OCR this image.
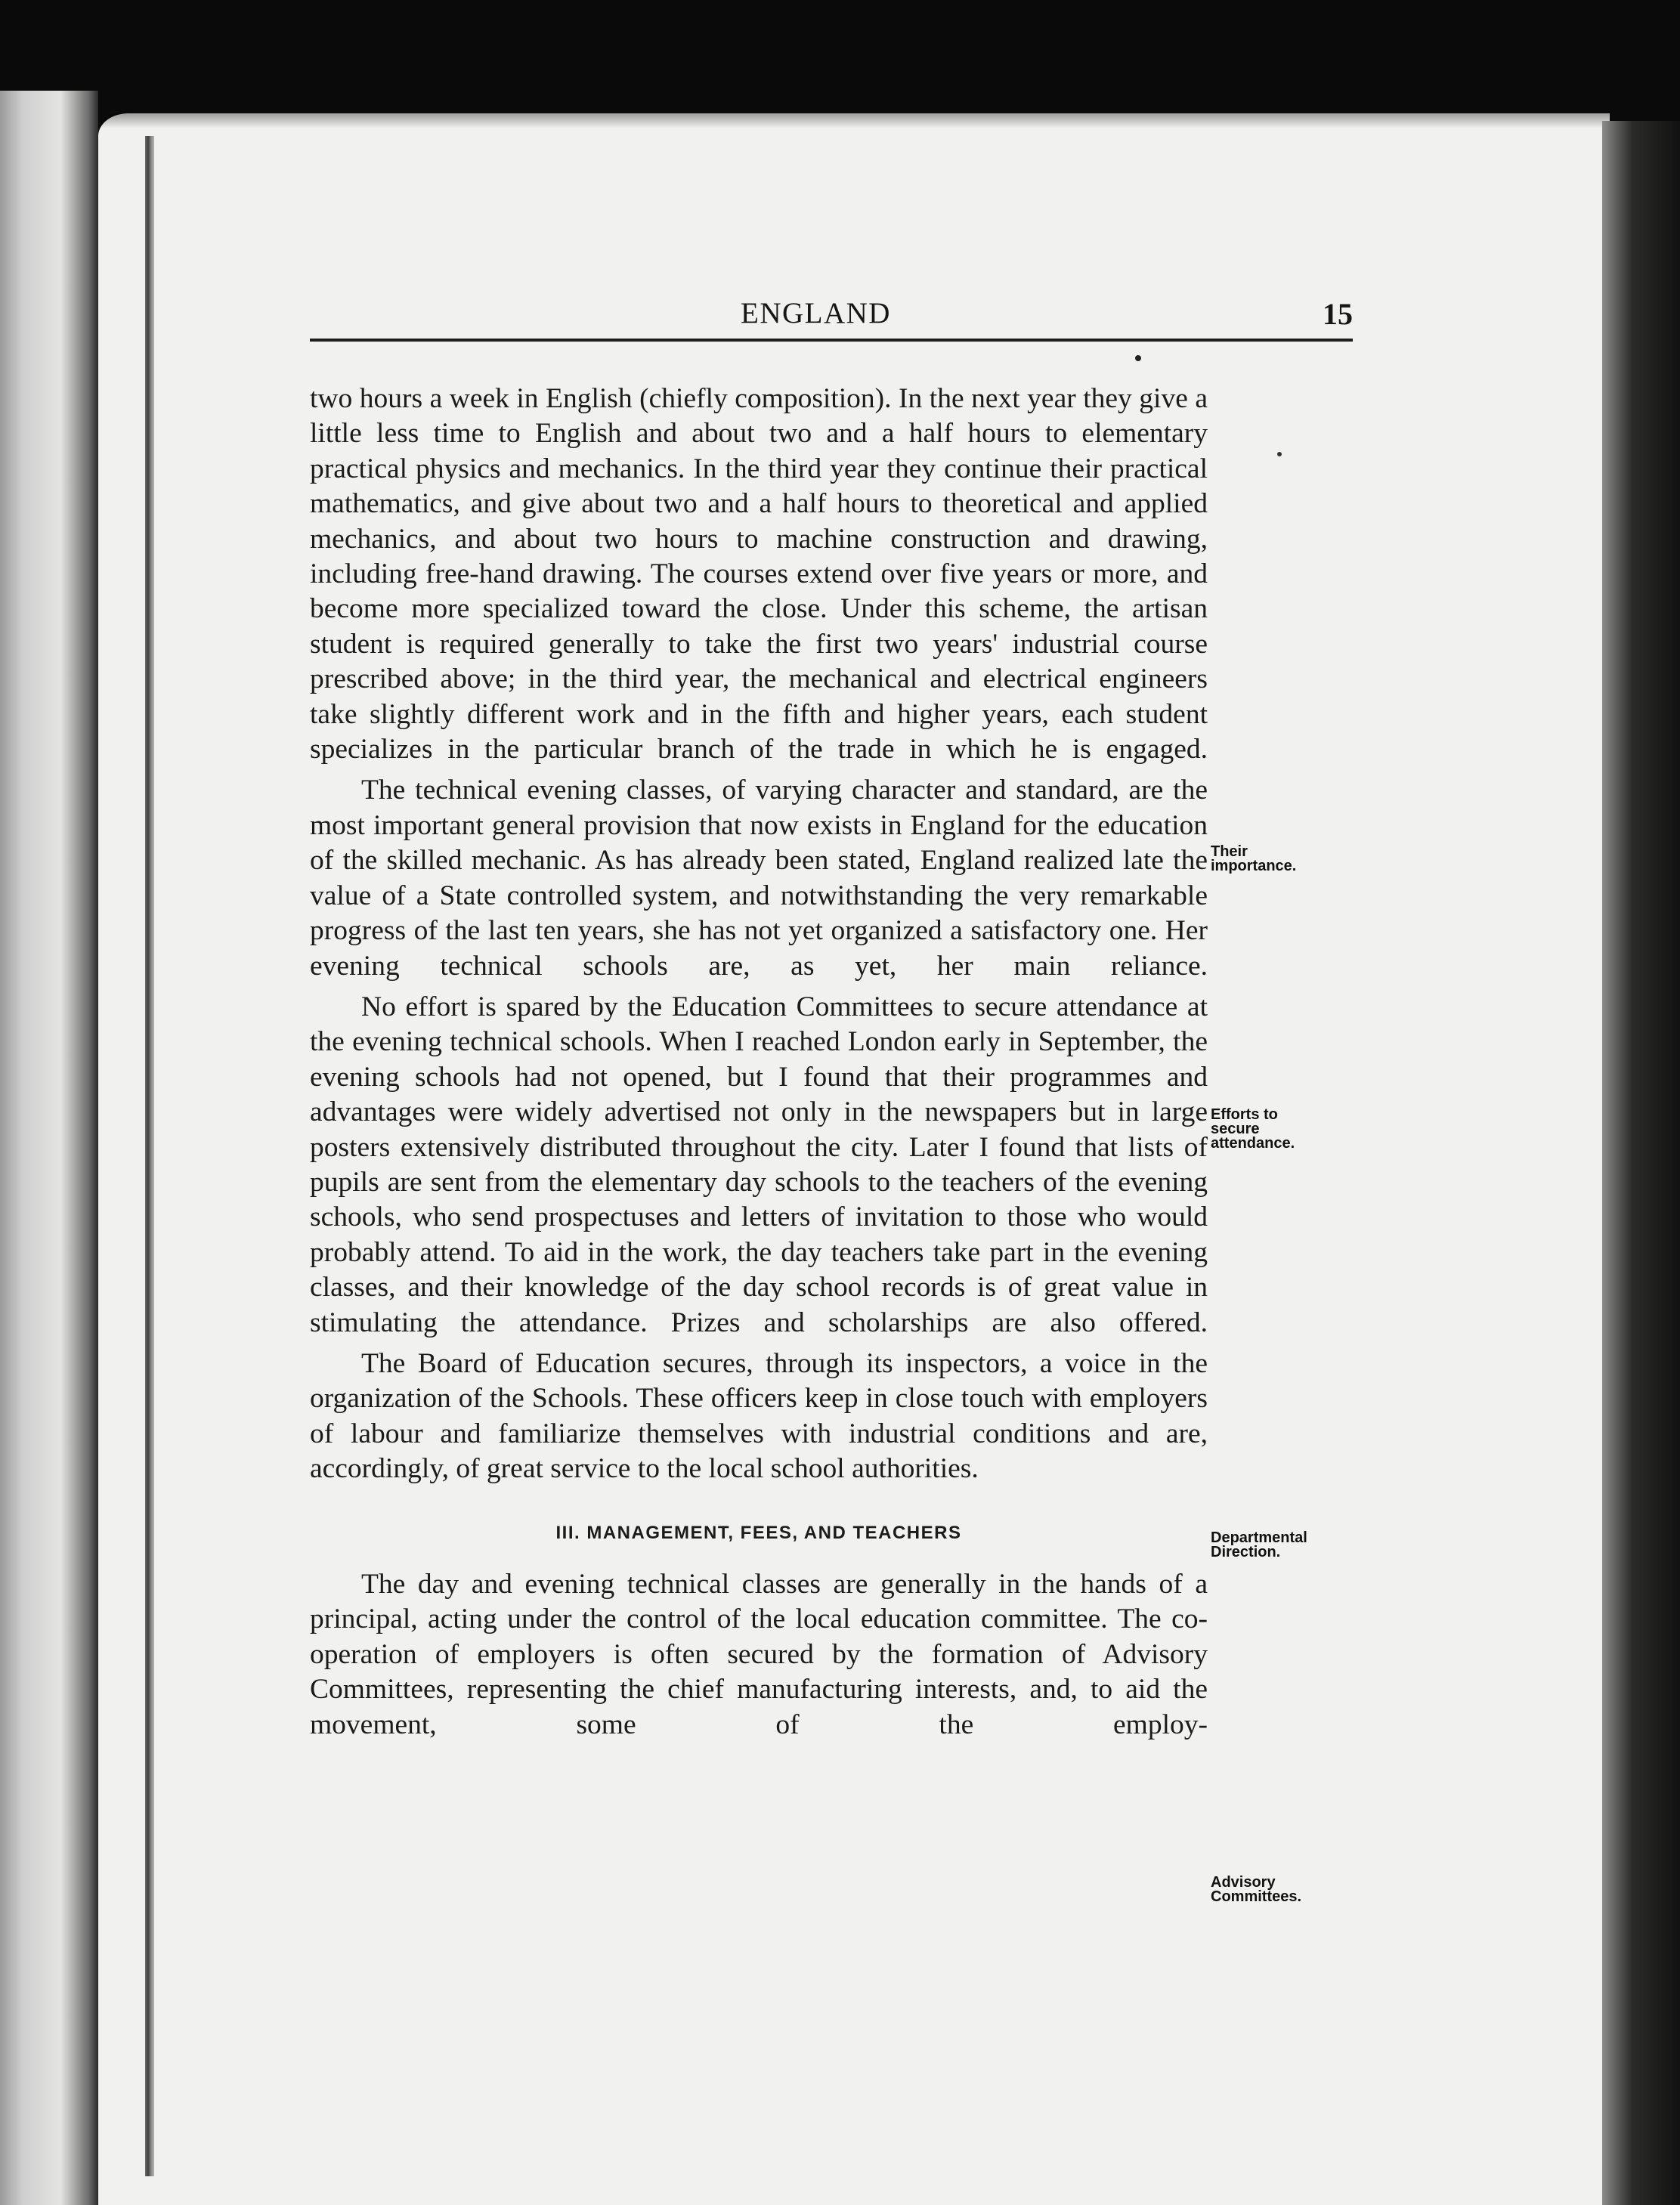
ENGLAND	15

two hours a week in English (chiefly composition). In the next year they give a little less time to English and about two and a half hours to elementary practical physics and mechanics. In the third year they continue their practical mathematics, and give about two and a half hours to theoretical and applied mechanics, and about two hours to machine construction and drawing, including free-hand drawing. The courses extend over five years or more, and become more specialized toward the close. Under this scheme, the artisan student is required generally to take the first two years' industrial course prescribed above; in the third year, the mechanical and electrical engineers take slightly different work and in the fifth and higher years, each student specializes in the particular branch of the trade in which he is engaged.

The technical evening classes, of varying character and standard, are the most important general provision that now exists in England for the education of the skilled mechanic. As has already been stated, England realized late the value of a State controlled system, and notwithstanding the very remarkable progress of the last ten years, she has not yet organized a satisfactory one. Her evening technical schools are, as yet, her main reliance.

No effort is spared by the Education Committees to secure attendance at the evening technical schools. When I reached London early in September, the evening schools had not opened, but I found that their programmes and advantages were widely advertised not only in the newspapers but in large posters extensively distributed throughout the city. Later I found that lists of pupils are sent from the elementary day schools to the teachers of the evening schools, who send prospectuses and letters of invitation to those who would probably attend. To aid in the work, the day teachers take part in the evening classes, and their knowledge of the day school records is of great value in stimulating the attendance. Prizes and scholarships are also offered.

The Board of Education secures, through its inspectors, a voice in the organization of the Schools. These officers keep in close touch with employers of labour and familiarize themselves with industrial conditions and are, accordingly, of great service to the local school authorities.

III. MANAGEMENT, FEES, AND TEACHERS

The day and evening technical classes are generally in the hands of a principal, acting under the control of the local education committee. The co-operation of employers is often secured by the formation of Advisory Committees, representing the chief manufacturing interests, and, to aid the movement, some of the employ-

Their
importance.
Efforts to
secure
attendance.
Departmental
Direction.
Advisory
Committees.
